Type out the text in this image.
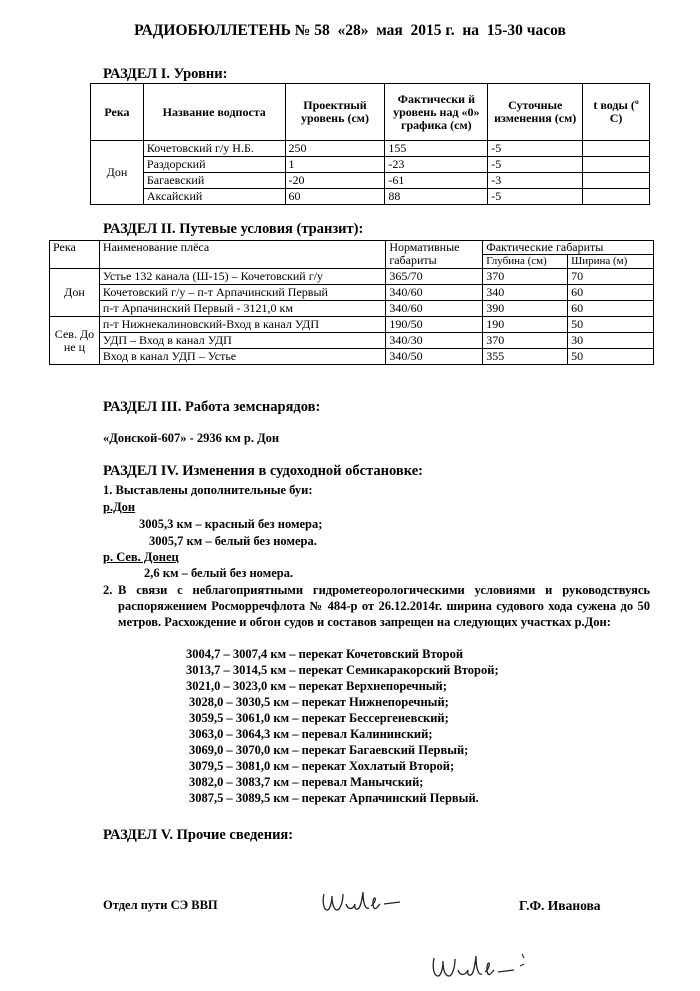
РАДИОБЮЛЛЕТЕНЬ № 58  «28»  мая  2015 г.  на  15-30 часов
РАЗДЕЛ I. Уровни:
Река	Название водпоста	Проектный уровень (см)	Фактически й уровень над «0» графика (см)	Суточные изменения (см)	t воды (º С)
Дон	Кочетовский г/у Н.Б.	250	155	-5	
	Раздорский	1	-23	-5	
	Багаевский	-20	-61	-3	
	Аксайский	60	88	-5	
РАЗДЕЛ II. Путевые условия (транзит):
Река	Наименование плёса	Нормативные габариты	Фактические габариты	
			Глубина (см)	Ширина (м)
Дон	Устье 132 канала (Ш-15) – Кочетовский г/у	365/70	370	70
	Кочетовский г/у – п-т Арпачинский Первый	340/60	340	60
	п-т Арпачинский Первый - 3121,0 км	340/60	390	60
Сев. Доне ц	п-т Нижнекалиновский-Вход в канал УДП	190/50	190	50
	УДП – Вход в канал УДП	340/30	370	30
	Вход в канал УДП – Устье	340/50	355	50
РАЗДЕЛ III. Работа земснарядов:
«Донской-607» - 2936 км р. Дон
РАЗДЕЛ IV. Изменения в судоходной обстановке:
1. Выставлены дополнительные буи:
р.Дон
3005,3 км – красный без номера;
3005,7 км – белый без номера.
р. Сев. Донец
2,6 км – белый без номера.
2. В связи с неблагоприятными гидрометеорологическими условиями и руководствуясь распоряжением Росморречфлота № 484-р от 26.12.2014г. ширина судового хода сужена до 50 метров. Расхождение и обгон судов и составов запрещен на следующих участках р.Дон:
3004,7 – 3007,4 км – перекат Кочетовский Второй
3013,7 – 3014,5 км – перекат Семикаракорский Второй;
3021,0 – 3023,0 км – перекат Верхнепоречный;
3028,0 – 3030,5 км – перекат Нижнепоречный;
3059,5 – 3061,0 км – перекат Бессергеневский;
3063,0 – 3064,3 км – перевал Калининский;
3069,0 – 3070,0 км – перекат Багаевский Первый;
3079,5 – 3081,0 км – перекат Хохлатый Второй;
3082,0 – 3083,7 км – перевал Манычский;
3087,5 – 3089,5 км – перекат Арпачинский Первый.
РАЗДЕЛ V. Прочие сведения:
Отдел пути СЭ ВВП	Г.Ф. Иванова
